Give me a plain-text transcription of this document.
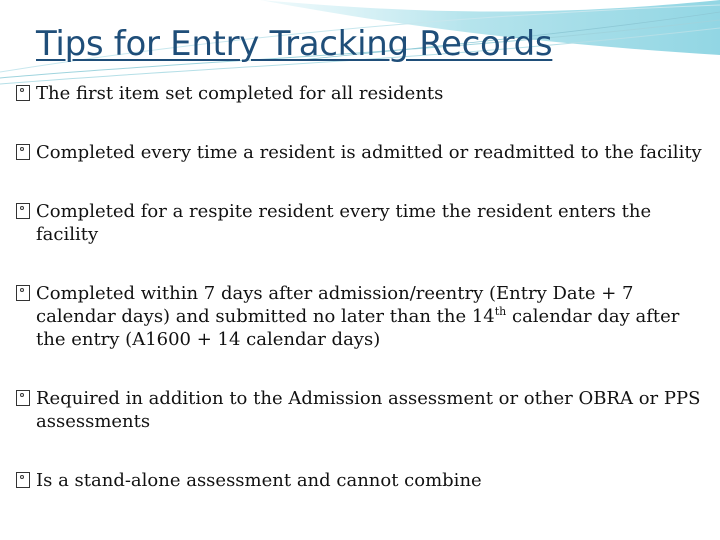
Tips for Entry Tracking Records
The first item set completed for all residents
Completed every time a resident is admitted or readmitted to the facility
Completed for a respite resident every time the resident enters the facility
Completed within 7 days after admission/reentry (Entry Date + 7 calendar days) and submitted no later than the 14th calendar day after the entry (A1600 + 14 calendar days)
Required in addition to the Admission assessment or other OBRA or PPS assessments
Is a stand-alone assessment and cannot combine
